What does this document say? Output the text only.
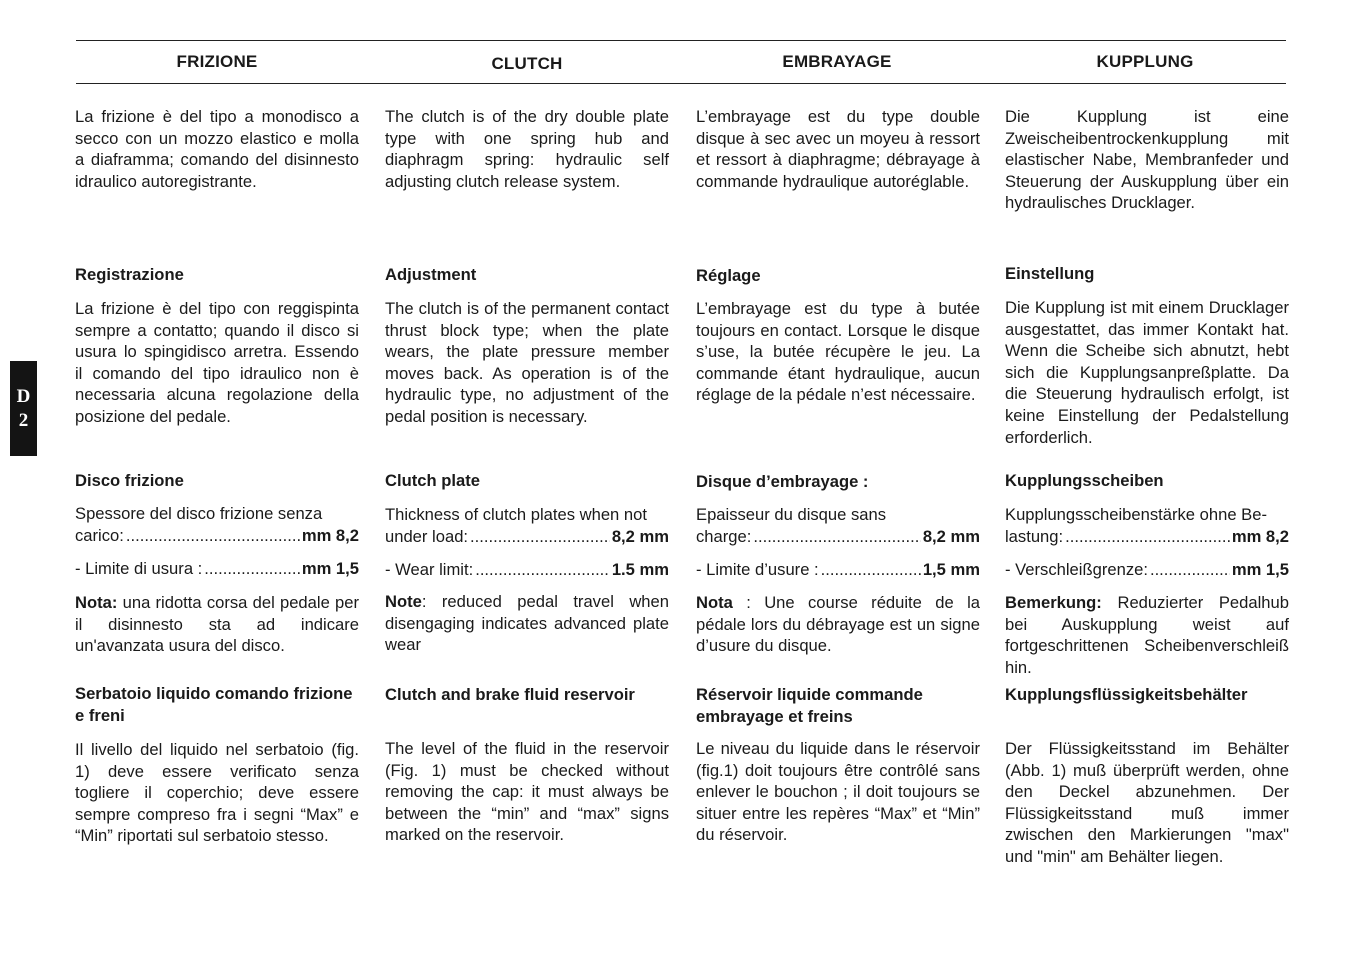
FRIZIONE	CLUTCH	EMBRAYAGE	KUPPLUNG
D
2

La frizione è del tipo a monodisco a secco con un mozzo elastico e molla a diaframma; comando del disinnesto idraulico autoregistrante.

Registrazione

La frizione è del tipo con reggispinta sempre a contatto; quando il disco si usura lo spingidisco arretra. Essendo il comando del tipo idraulico non è necessaria alcuna regolazione della posizione del pedale.

Disco frizione

Spessore del disco frizione senza
carico: .....	mm 8,2
- Limite di usura : .....	mm 1,5

Nota: una ridotta corsa del pedale per il disinnesto sta ad indicare un'avanzata usura del disco.

Serbatoio liquido comando frizione e freni

Il livello del liquido nel serbatoio (fig. 1) deve essere verificato senza togliere il coperchio; deve essere sempre compreso fra i segni “Max” e “Min” riportati sul serbatoio stesso.

The clutch is of the dry double plate type with one spring hub and diaphragm spring: hydraulic self adjusting clutch release system.

Adjustment

The clutch is of the permanent contact thrust block type; when the plate wears, the plate pressure member moves back. As operation is of the hydraulic type, no adjustment of the pedal position is necessary.

Clutch plate

Thickness of clutch plates when not
under load: .....	8,2 mm
- Wear limit: .....	1.5 mm

Note: reduced pedal travel when disengaging indicates advanced plate wear

Clutch and brake fluid reservoir

The level of the fluid in the reservoir (Fig. 1) must be checked without removing the cap: it must always be between the “min” and “max” signs marked on the reservoir.

L’embrayage est du type double disque à sec avec un moyeu à ressort et ressort à diaphragme; débrayage à commande hydraulique autoréglable.

Réglage

L’embrayage est du type à butée toujours en contact. Lorsque le disque s’use, la butée récupère le jeu. La commande étant hydraulique, aucun réglage de la pédale n’est nécessaire.

Disque d’embrayage :

Epaisseur du disque sans
charge: .....	8,2 mm
- Limite d’usure : .....	1,5 mm

Nota : Une course réduite de la pédale lors du débrayage est un signe d’usure du disque.

Réservoir liquide commande embrayage et freins

Le niveau du liquide dans le réservoir (fig.1) doit toujours être contrôlé sans enlever le bouchon ; il doit toujours se situer entre les repères “Max” et “Min” du réservoir.

Die Kupplung ist eine Zweischeibentrockenkupplung mit elastischer Nabe, Membranfeder und Steuerung der Auskupplung über ein hydraulisches Drucklager.

Einstellung

Die Kupplung ist mit einem Drucklager ausgestattet, das immer Kontakt hat. Wenn die Scheibe sich abnutzt, hebt sich die Kupplungsanpreßplatte. Da die Steuerung hydraulisch erfolgt, ist keine Einstellung der Pedalstellung erforderlich.

Kupplungsscheiben

Kupplungsscheibenstärke ohne Be-
lastung: .....	mm 8,2
- Verschleißgrenze: .....	mm 1,5

Bemerkung: Reduzierter Pedalhub bei Auskupplung weist auf fortgeschrittenen Scheibenverschleiß hin.

Kupplungsflüssigkeitsbehälter

Der Flüssigkeitsstand im Behälter (Abb. 1) muß überprüft werden, ohne den Deckel abzunehmen. Der Flüssigkeitsstand muß immer zwischen den Markierungen "max" und "min" am Behälter liegen.
